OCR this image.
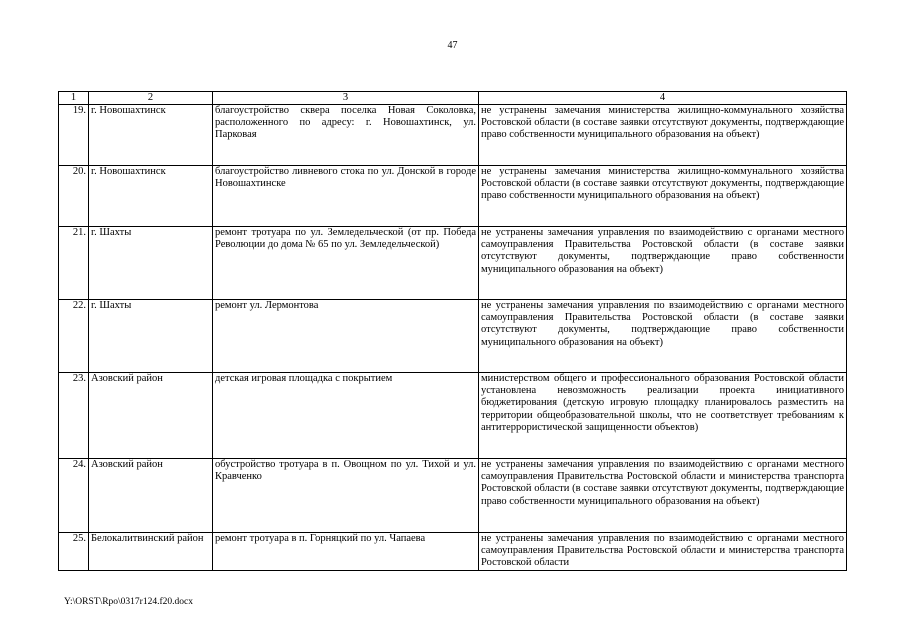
47
1	2	3	4
19.	г. Новошахтинск	благоустройство сквера поселка Новая Соколовка, расположенного по адресу: г. Новошахтинск, ул. Парковая	не устранены замечания министерства жилищно-коммунального хозяйства Ростовской области (в составе заявки отсутствуют документы, подтверждающие право собственности муниципального образования на объект)
20.	г. Новошахтинск	благоустройство ливневого стока по ул. Донской в городе Новошахтинске	не устранены замечания министерства жилищно-коммунального хозяйства Ростовской области (в составе заявки отсутствуют документы, подтверждающие право собственности муниципального образования на объект)
21.	г. Шахты	ремонт тротуара по ул. Земледельческой (от пр. Победа Революции до дома № 65 по ул. Земледельческой)	не устранены замечания управления по взаимодействию с органами местного самоуправления Правительства Ростовской области (в составе заявки отсутствуют документы, подтверждающие право собственности муниципального образования на объект)
22.	г. Шахты	ремонт ул. Лермонтова	не устранены замечания управления по взаимодействию с органами местного самоуправления Правительства Ростовской области (в составе заявки отсутствуют документы, подтверждающие право собственности муниципального образования на объект)
23.	Азовский район	детская игровая площадка с покрытием	министерством общего и профессионального образования Ростовской области установлена невозможность реализации проекта инициативного бюджетирования (детскую игровую площадку планировалось разместить на территории общеобразовательной школы, что не соответствует требованиям к антитеррористической защищенности объектов)
24.	Азовский район	обустройство тротуара в п. Овощном по ул. Тихой и ул. Кравченко	не устранены замечания управления по взаимодействию с органами местного самоуправления Правительства Ростовской области и министерства транспорта Ростовской области (в составе заявки отсутствуют документы, подтверждающие право собственности муниципального образования на объект)
25.	Белокалитвинский район	ремонт тротуара в п. Горняцкий по ул. Чапаева	не устранены замечания управления по взаимодействию с органами местного самоуправления Правительства Ростовской области и министерства транспорта Ростовской области
Y:\ORST\Rpo\0317r124.f20.docx
